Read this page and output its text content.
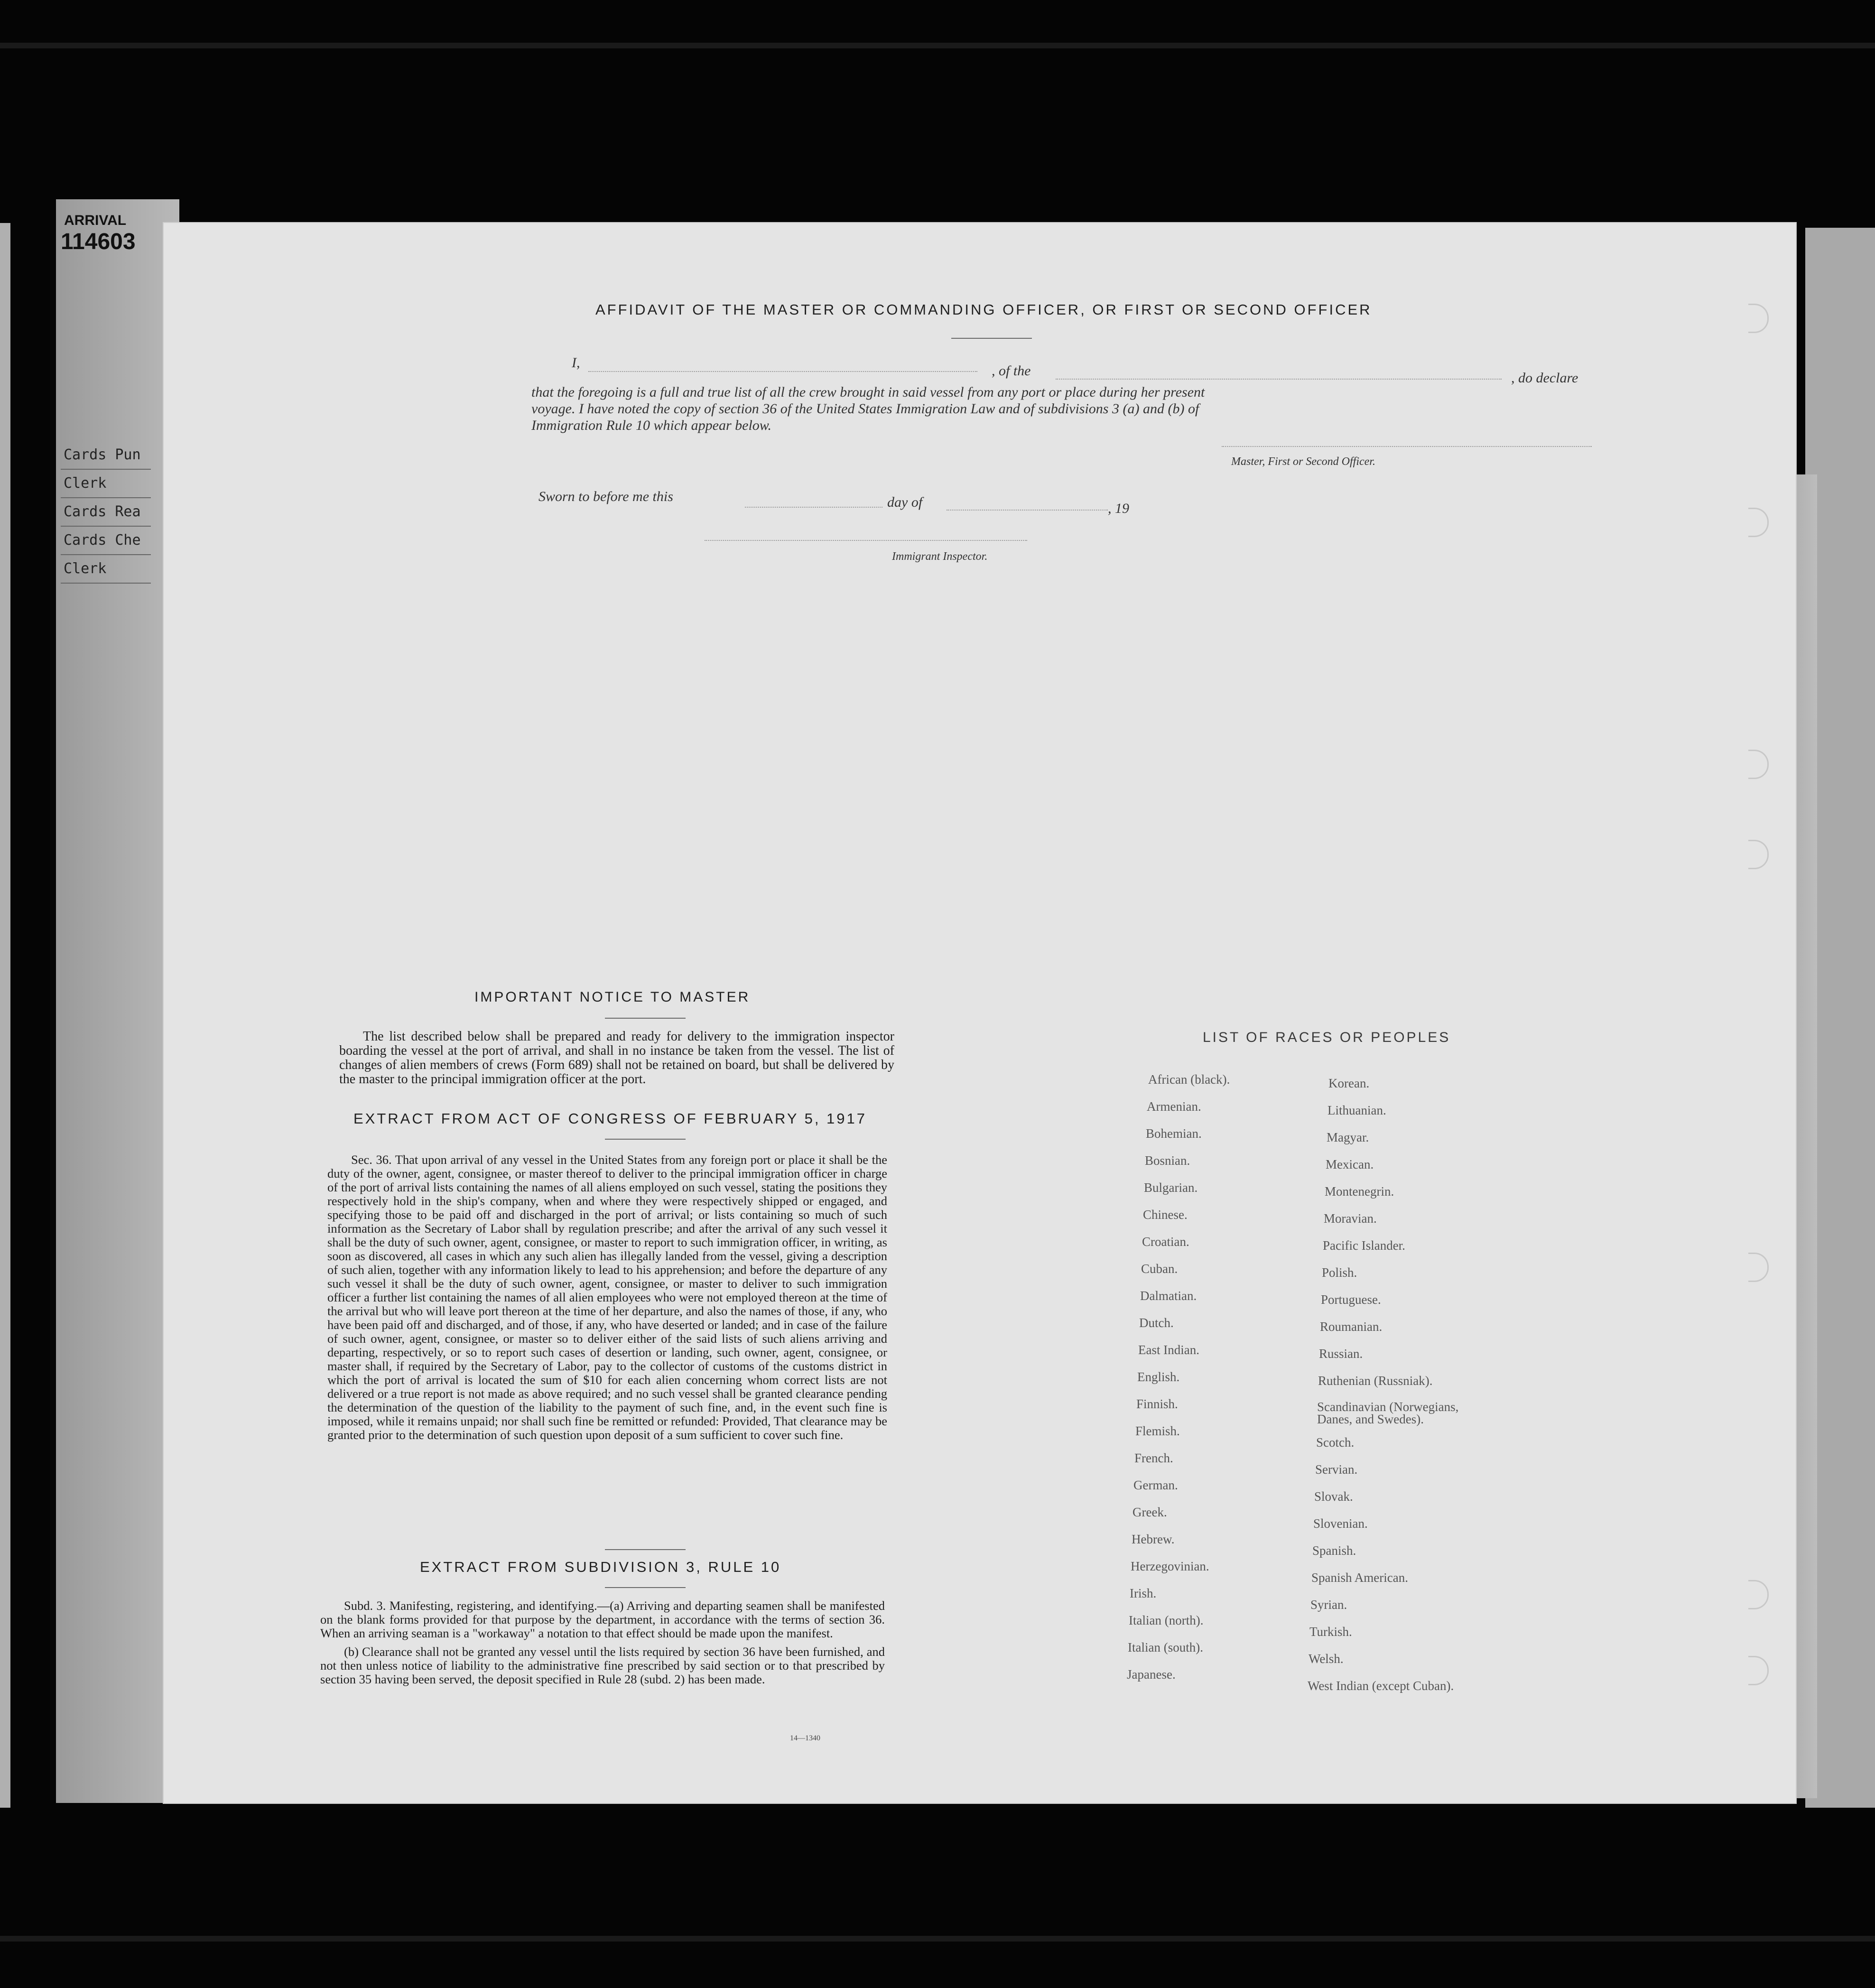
ARRIVAL
114603
Cards Pun
Clerk
Cards Rea
Cards Che
Clerk
AFFIDAVIT OF THE MASTER OR COMMANDING OFFICER, OR FIRST OR SECOND OFFICER
I,
, of the	, do declare
that the foregoing is a full and true list of all the crew brought in said vessel from any port or place during her present
voyage. I have noted the copy of section 36 of the United States Immigration Law and of subdivisions 3 (a) and (b) of
Immigration Rule 10 which appear below.
Master, First or Second Officer.
Sworn to before me this	day of	, 19
Immigrant Inspector.
IMPORTANT NOTICE TO MASTER

The list described below shall be prepared and ready for delivery to the immigration inspector boarding the vessel at the port of arrival, and shall in no instance be taken from the vessel. The list of changes of alien members of crews (Form 689) shall not be retained on board, but shall be delivered by the master to the principal immigration officer at the port.

EXTRACT FROM ACT OF CONGRESS OF FEBRUARY 5, 1917

Sec. 36. That upon arrival of any vessel in the United States from any foreign port or place it shall be the duty of the owner, agent, consignee, or master thereof to deliver to the principal immigration officer in charge of the port of arrival lists containing the names of all aliens employed on such vessel, stating the positions they respectively hold in the ship's company, when and where they were respectively shipped or engaged, and specifying those to be paid off and discharged in the port of arrival; or lists containing so much of such information as the Secretary of Labor shall by regulation prescribe; and after the arrival of any such vessel it shall be the duty of such owner, agent, consignee, or master to report to such immigration officer, in writing, as soon as discovered, all cases in which any such alien has illegally landed from the vessel, giving a description of such alien, together with any information likely to lead to his apprehension; and before the departure of any such vessel it shall be the duty of such owner, agent, consignee, or master to deliver to such immigration officer a further list containing the names of all alien employees who were not employed thereon at the time of the arrival but who will leave port thereon at the time of her departure, and also the names of those, if any, who have been paid off and discharged, and of those, if any, who have deserted or landed; and in case of the failure of such owner, agent, consignee, or master so to deliver either of the said lists of such aliens arriving and departing, respectively, or so to report such cases of desertion or landing, such owner, agent, consignee, or master shall, if required by the Secretary of Labor, pay to the collector of customs of the customs district in which the port of arrival is located the sum of $10 for each alien concerning whom correct lists are not delivered or a true report is not made as above required; and no such vessel shall be granted clearance pending the determination of the question of the liability to the payment of such fine, and, in the event such fine is imposed, while it remains unpaid; nor shall such fine be remitted or refunded: Provided, That clearance may be granted prior to the determination of such question upon deposit of a sum sufficient to cover such fine.

EXTRACT FROM SUBDIVISION 3, RULE 10

Subd. 3. Manifesting, registering, and identifying.—(a) Arriving and departing seamen shall be manifested on the blank forms provided for that purpose by the department, in accordance with the terms of section 36. When an arriving seaman is a "workaway" a notation to that effect should be made upon the manifest.

(b) Clearance shall not be granted any vessel until the lists required by section 36 have been furnished, and not then unless notice of liability to the administrative fine prescribed by said section or to that prescribed by section 35 having been served, the deposit specified in Rule 28 (subd. 2) has been made.

14—1340
LIST OF RACES OR PEOPLES
African (black).
Armenian.
Bohemian.
Bosnian.
Bulgarian.
Chinese.
Croatian.
Cuban.
Dalmatian.
Dutch.
East Indian.
English.
Finnish.
Flemish.
French.
German.
Greek.
Hebrew.
Herzegovinian.
Irish.
Italian (north).
Italian (south).
Japanese.
Korean.
Lithuanian.
Magyar.
Mexican.
Montenegrin.
Moravian.
Pacific Islander.
Polish.
Portuguese.
Roumanian.
Russian.
Ruthenian (Russniak).
Scandinavian (Norwegians, Danes, and Swedes).
Scotch.
Servian.
Slovak.
Slovenian.
Spanish.
Spanish American.
Syrian.
Turkish.
Welsh.
West Indian (except Cuban).
